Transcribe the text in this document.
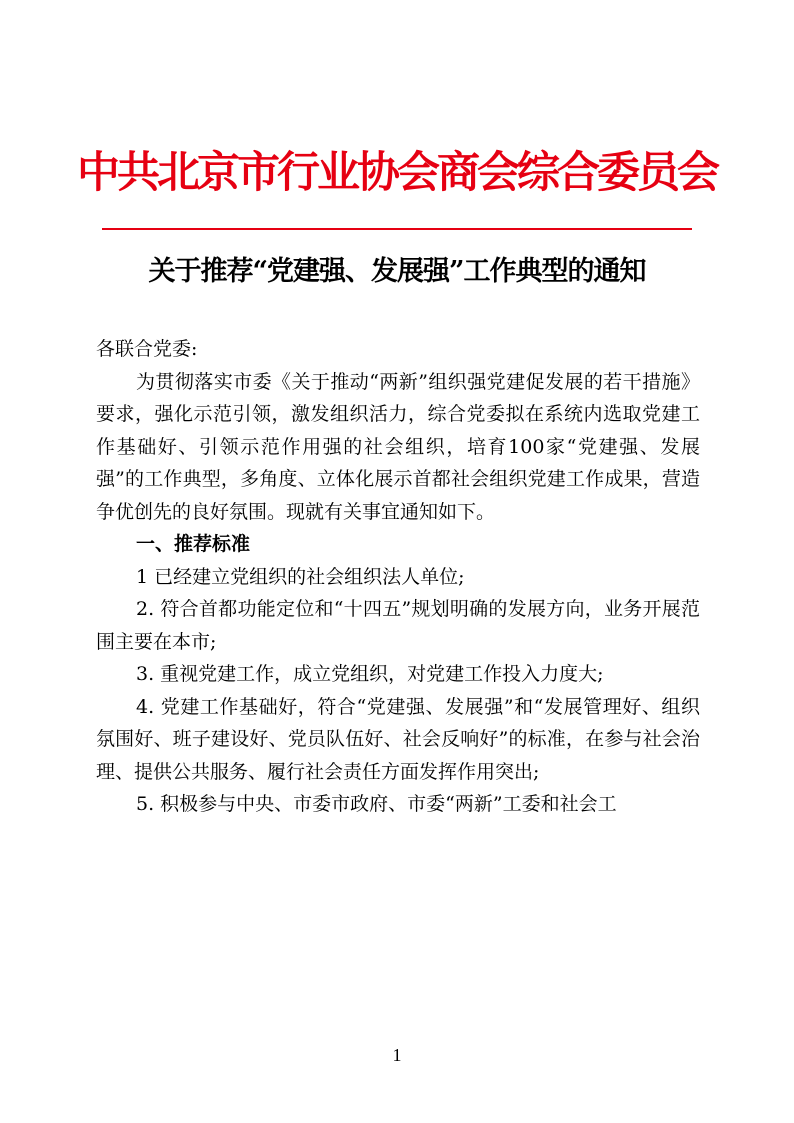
中共北京市行业协会商会综合委员会
关于推荐“党建强、发展强”工作典型的通知

各联合党委:

为贯彻落实市委《关于推动“两新”组织强党建促发展的若干措施》要求，强化示范引领，激发组织活力，综合党委拟在系统内选取党建工作基础好、引领示范作用强的社会组织，培育100家“党建强、发展强”的工作典型，多角度、立体化展示首都社会组织党建工作成果，营造争优创先的良好氛围。现就有关事宜通知如下。

一、推荐标准

1 已经建立党组织的社会组织法人单位;

2. 符合首都功能定位和“十四五”规划明确的发展方向，业务开展范围主要在本市;

3. 重视党建工作，成立党组织，对党建工作投入力度大;

4. 党建工作基础好，符合“党建强、发展强”和“发展管理好、组织氛围好、班子建设好、党员队伍好、社会反响好”的标准，在参与社会治理、提供公共服务、履行社会责任方面发挥作用突出;

5. 积极参与中央、市委市政府、市委“两新”工委和社会工

1
